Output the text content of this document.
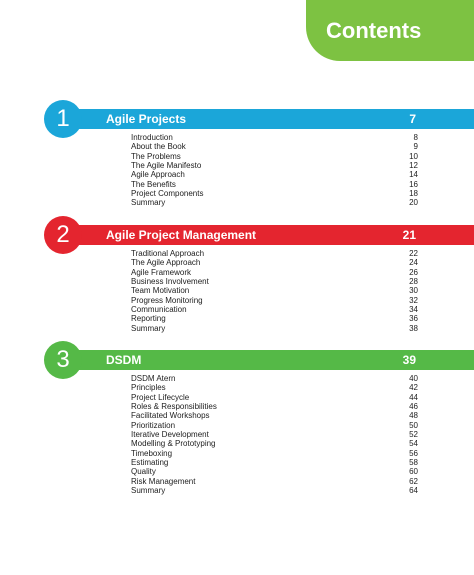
Contents
Agile Projects	7
1
Introduction	8
About the Book	9
The Problems	10
The Agile Manifesto	12
Agile Approach	14
The Benefits	16
Project Components	18
Summary	20
Agile Project Management	21
2
Traditional Approach	22
The Agile Approach	24
Agile Framework	26
Business Involvement	28
Team Motivation	30
Progress Monitoring	32
Communication	34
Reporting	36
Summary	38
DSDM	39
3
DSDM Atern	40
Principles	42
Project Lifecycle	44
Roles & Responsibilities	46
Facilitated Workshops	48
Prioritization	50
Iterative Development	52
Modelling & Prototyping	54
Timeboxing	56
Estimating	58
Quality	60
Risk Management	62
Summary	64
